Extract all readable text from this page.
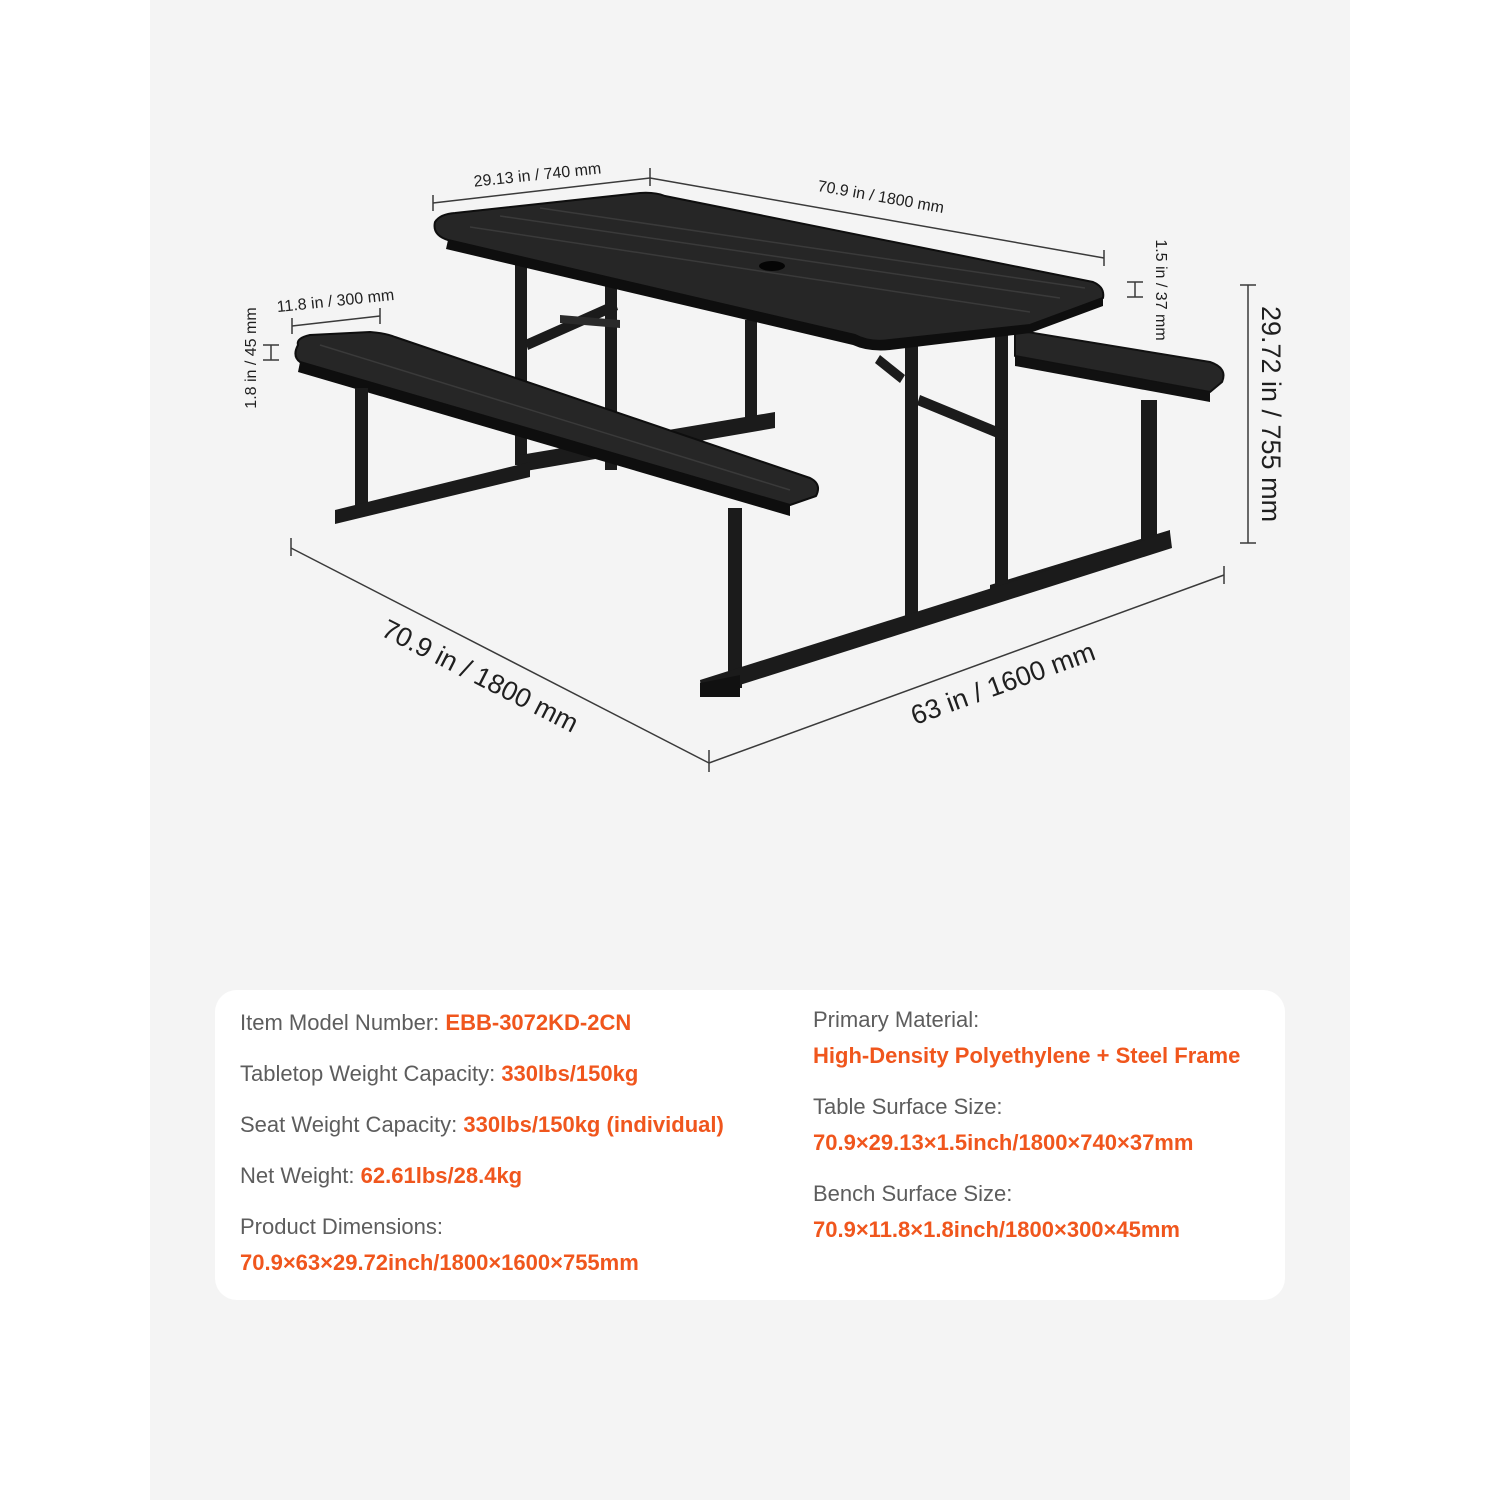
29.13 in / 740 mm
70.9 in / 1800 mm
1.5 in / 37 mm
29.72 in / 755 mm
11.8 in / 300 mm
1.8 in / 45 mm
70.9 in / 1800 mm	63 in / 1600 mm
Item Model Number: EBB-3072KD-2CN
Tabletop Weight Capacity: 330lbs/150kg
Seat Weight Capacity: 330lbs/150kg (individual)
Net Weight: 62.61lbs/28.4kg
Product Dimensions:
70.9×63×29.72inch/1800×1600×755mm
Primary Material:
High-Density Polyethylene + Steel Frame
Table Surface Size:
70.9×29.13×1.5inch/1800×740×37mm
Bench Surface Size:
70.9×11.8×1.8inch/1800×300×45mm
